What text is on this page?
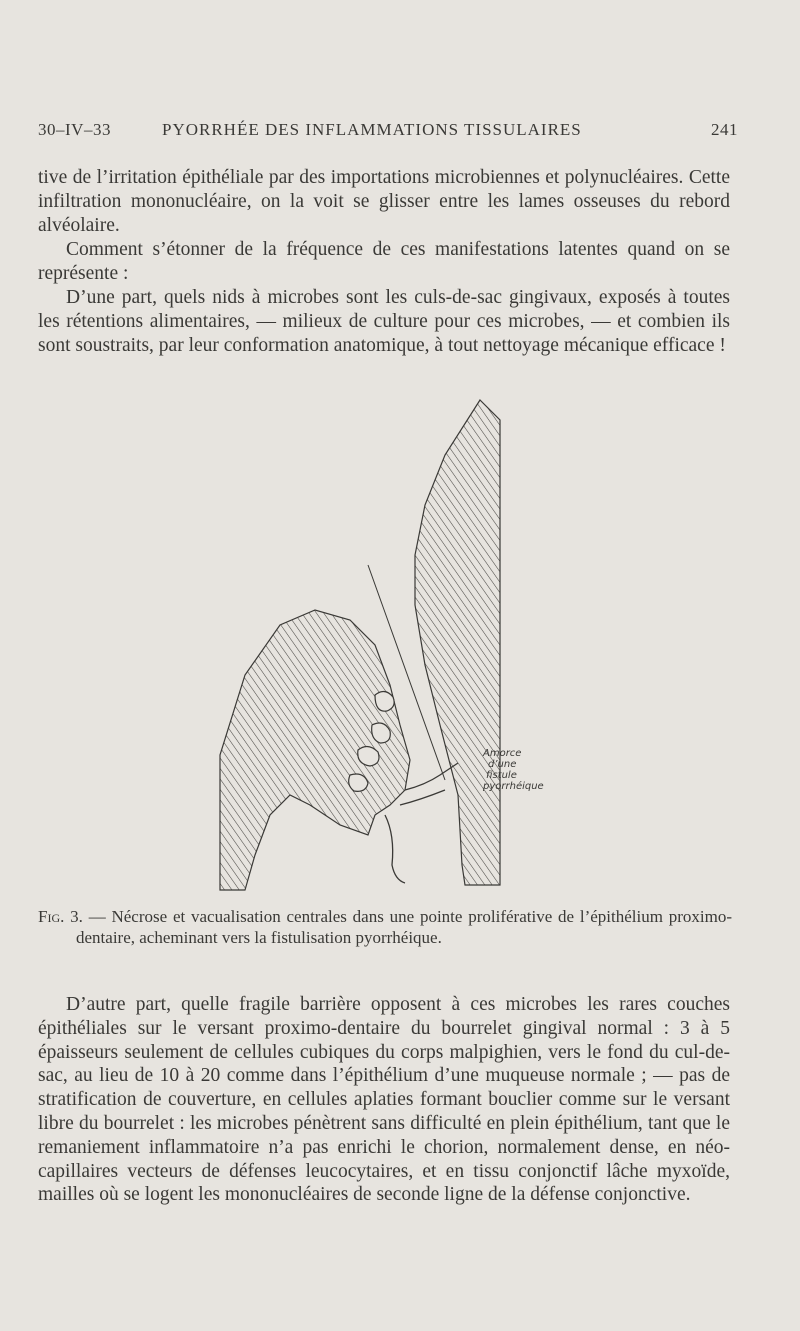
30–IV–33	PYORRHÉE DES INFLAMMATIONS TISSULAIRES	241
tive de l’irritation épithéliale par des importations microbiennes et polynucléaires. Cette infiltration mononucléaire, on la voit se glisser entre les lames osseuses du rebord alvéolaire.
Comment s’étonner de la fréquence de ces manifestations latentes quand on se représente :
D’une part, quels nids à microbes sont les culs-de-sac gingivaux, exposés à toutes les rétentions alimentaires, — milieux de culture pour ces microbes, — et combien ils sont soustraits, par leur conformation anatomique, à tout nettoyage mécanique efficace !
Amorce
d’une
fistule
pyorrhéique
Fig. 3. — Nécrose et vacualisation centrales dans une pointe proliférative de l’épithélium proximo-dentaire, acheminant vers la fistulisation pyorrhéique.
D’autre part, quelle fragile barrière opposent à ces microbes les rares couches épithéliales sur le versant proximo-dentaire du bourrelet gingival normal : 3 à 5 épaisseurs seulement de cellules cubiques du corps malpighien, vers le fond du cul-de-sac, au lieu de 10 à 20 comme dans l’épithélium d’une muqueuse normale ; — pas de stratification de couverture, en cellules aplaties formant bouclier comme sur le versant libre du bourrelet : les microbes pénètrent sans difficulté en plein épithélium, tant que le remaniement inflammatoire n’a pas enrichi le chorion, normalement dense, en néo-capillaires vecteurs de défenses leucocytaires, et en tissu conjonctif lâche myxoïde, mailles où se logent les mononucléaires de seconde ligne de la défense conjonctive.
